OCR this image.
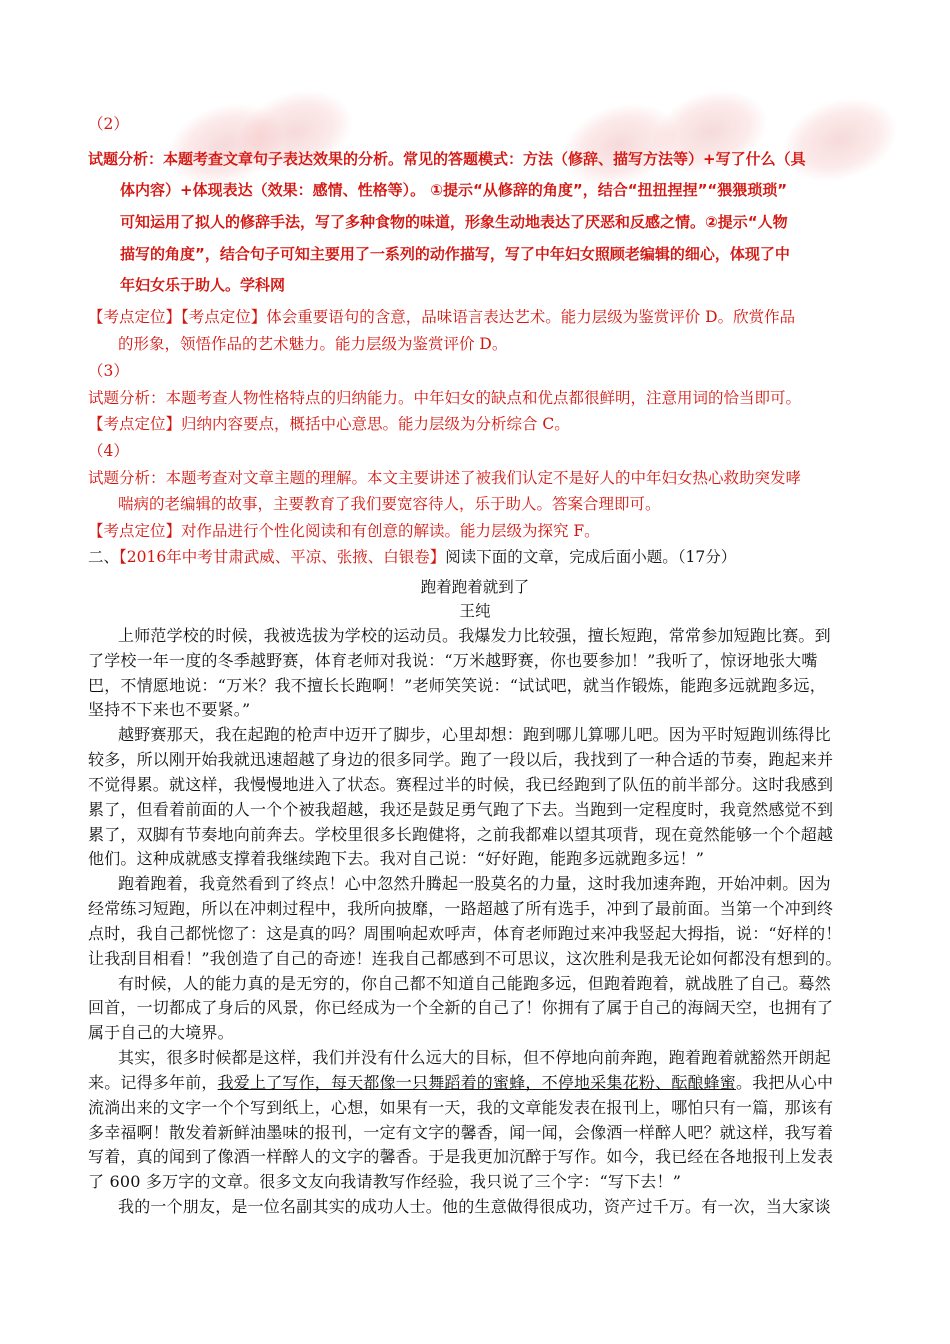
（2）
试题分析：本题考查文章句子表达效果的分析。常见的答题模式：方法（修辞、描写方法等）+写了什么（具
体内容）+体现表达（效果：感情、性格等）。 ①提示“从修辞的角度”，结合“扭扭捏捏”“猥猥琐琐”
可知运用了拟人的修辞手法，写了多种食物的味道，形象生动地表达了厌恶和反感之情。②提示“人物
描写的角度”，结合句子可知主要用了一系列的动作描写，写了中年妇女照顾老编辑的细心，体现了中
年妇女乐于助人。学科网
【考点定位】【考点定位】体会重要语句的含意，品味语言表达艺术。能力层级为鉴赏评价 D。欣赏作品
的形象，领悟作品的艺术魅力。能力层级为鉴赏评价 D。
（3）
试题分析：本题考查人物性格特点的归纳能力。中年妇女的缺点和优点都很鲜明，注意用词的恰当即可。
【考点定位】归纳内容要点，概括中心意思。能力层级为分析综合 C。
（4）
试题分析：本题考查对文章主题的理解。本文主要讲述了被我们认定不是好人的中年妇女热心救助突发哮
喘病的老编辑的故事，主要教育了我们要宽容待人，乐于助人。答案合理即可。
【考点定位】对作品进行个性化阅读和有创意的解读。能力层级为探究 F。
二、【2016年中考甘肃武威、平凉、张掖、白银卷】阅读下面的文章，完成后面小题。（17分）
跑着跑着就到了
王纯
上师范学校的时候，我被选拔为学校的运动员。我爆发力比较强，擅长短跑，常常参加短跑比赛。到
了学校一年一度的冬季越野赛，体育老师对我说：“万米越野赛，你也要参加！”我听了，惊讶地张大嘴
巴，不情愿地说：“万米？我不擅长长跑啊！”老师笑笑说：“试试吧，就当作锻炼，能跑多远就跑多远，
坚持不下来也不要紧。”
越野赛那天，我在起跑的枪声中迈开了脚步，心里却想：跑到哪儿算哪儿吧。因为平时短跑训练得比
较多，所以刚开始我就迅速超越了身边的很多同学。跑了一段以后，我找到了一种合适的节奏，跑起来并
不觉得累。就这样，我慢慢地进入了状态。赛程过半的时候，我已经跑到了队伍的前半部分。这时我感到
累了，但看着前面的人一个个被我超越，我还是鼓足勇气跑了下去。当跑到一定程度时，我竟然感觉不到
累了，双脚有节奏地向前奔去。学校里很多长跑健将，之前我都难以望其项背，现在竟然能够一个个超越
他们。这种成就感支撑着我继续跑下去。我对自己说：“好好跑，能跑多远就跑多远！”
跑着跑着，我竟然看到了终点！心中忽然升腾起一股莫名的力量，这时我加速奔跑，开始冲刺。因为
经常练习短跑，所以在冲刺过程中，我所向披靡，一路超越了所有选手，冲到了最前面。当第一个冲到终
点时，我自己都恍惚了：这是真的吗？周围响起欢呼声，体育老师跑过来冲我竖起大拇指，说：“好样的！
让我刮目相看！”我创造了自己的奇迹！连我自己都感到不可思议，这次胜利是我无论如何都没有想到的。
有时候，人的能力真的是无穷的，你自己都不知道自己能跑多远，但跑着跑着，就战胜了自己。蓦然
回首，一切都成了身后的风景，你已经成为一个全新的自己了！你拥有了属于自己的海阔天空，也拥有了
属于自己的大境界。
其实，很多时候都是这样，我们并没有什么远大的目标，但不停地向前奔跑，跑着跑着就豁然开朗起
来。记得多年前，我爱上了写作，每天都像一只舞蹈着的蜜蜂，不停地采集花粉、酝酿蜂蜜。我把从心中
流淌出来的文字一个个写到纸上，心想，如果有一天，我的文章能发表在报刊上，哪怕只有一篇，那该有
多幸福啊！散发着新鲜油墨味的报刊，一定有文字的馨香，闻一闻，会像酒一样醉人吧？就这样，我写着
写着，真的闻到了像酒一样醉人的文字的馨香。于是我更加沉醉于写作。如今，我已经在各地报刊上发表
了 600 多万字的文章。很多文友向我请教写作经验，我只说了三个字：“写下去！”
我的一个朋友，是一位名副其实的成功人士。他的生意做得很成功，资产过千万。有一次，当大家谈
